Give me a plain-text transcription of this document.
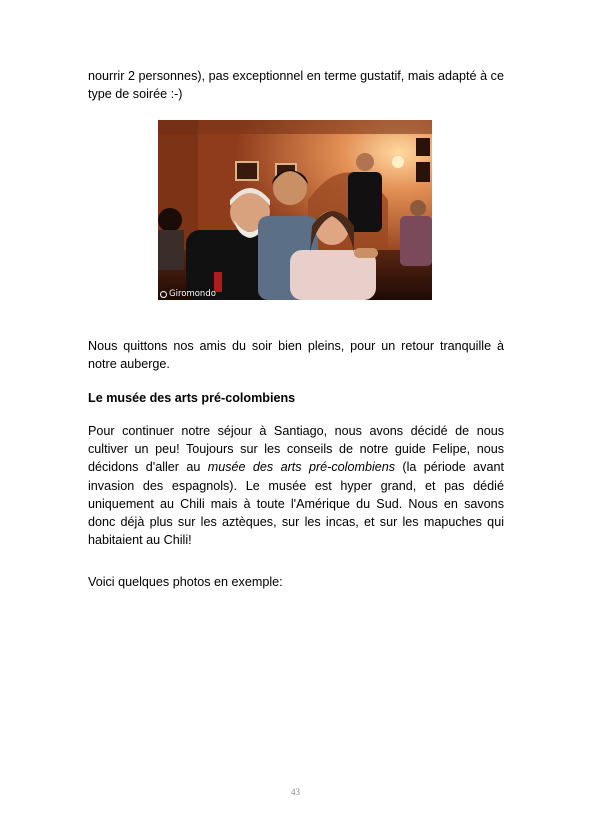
nourrir 2 personnes), pas exceptionnel en terme gustatif, mais adapté à ce type de soirée :-)

Giromondo

Nous quittons nos amis du soir bien pleins, pour un retour tranquille à notre auberge.

Le musée des arts pré-colombiens

Pour continuer notre séjour à Santiago, nous avons décidé de nous cultiver un peu! Toujours sur les conseils de notre guide Felipe, nous décidons d'aller au musée des arts pré-colombiens (la période avant invasion des espagnols). Le musée est hyper grand, et pas dédié uniquement au Chili mais à toute l'Amérique du Sud. Nous en savons donc déjà plus sur les aztèques, sur les incas, et sur les mapuches qui habitaient au Chili!

Voici quelques photos en exemple:

43
